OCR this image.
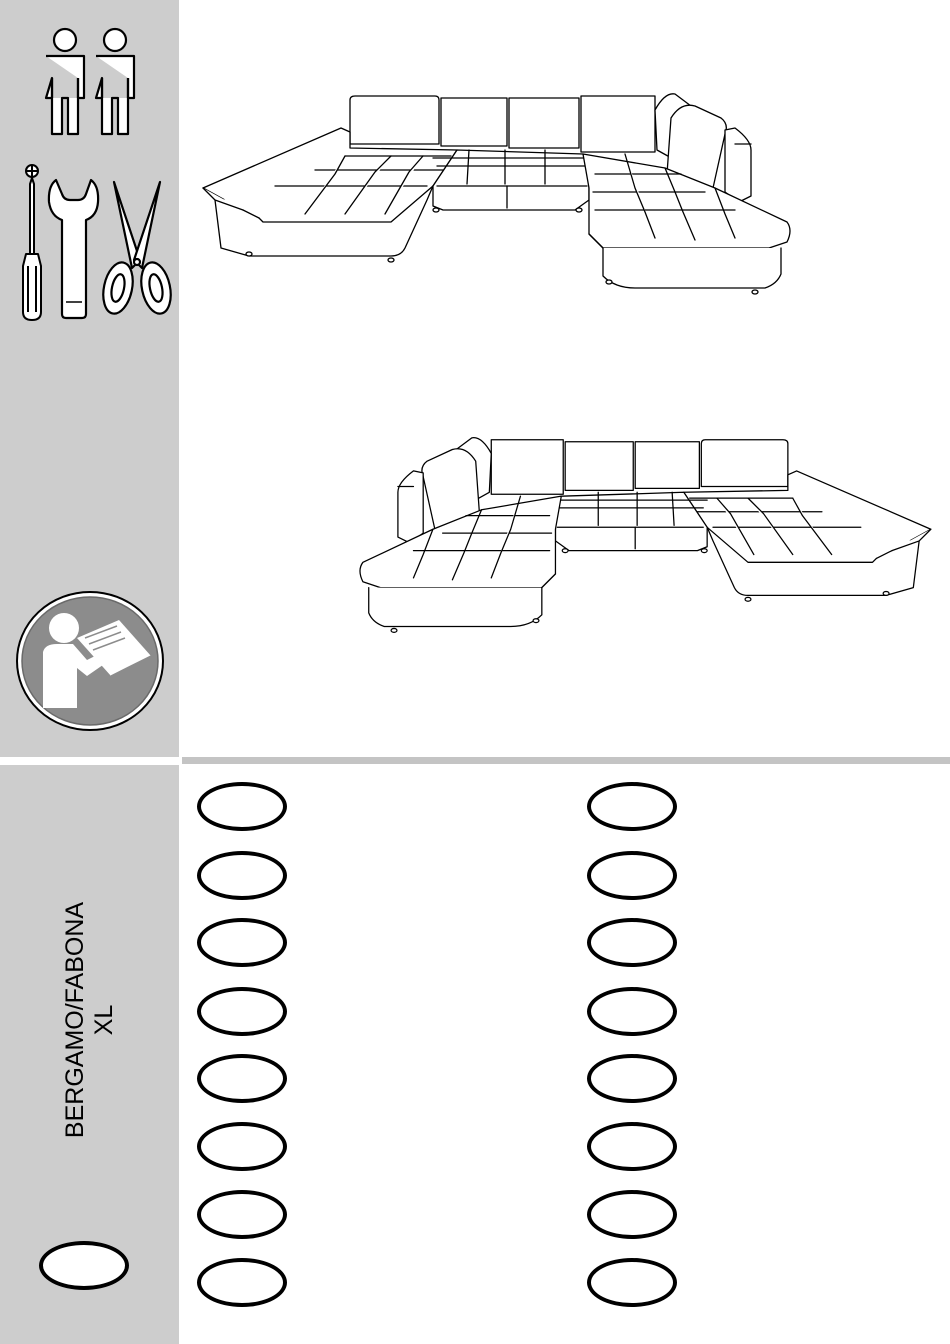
BERGAMO/FABONA XL
